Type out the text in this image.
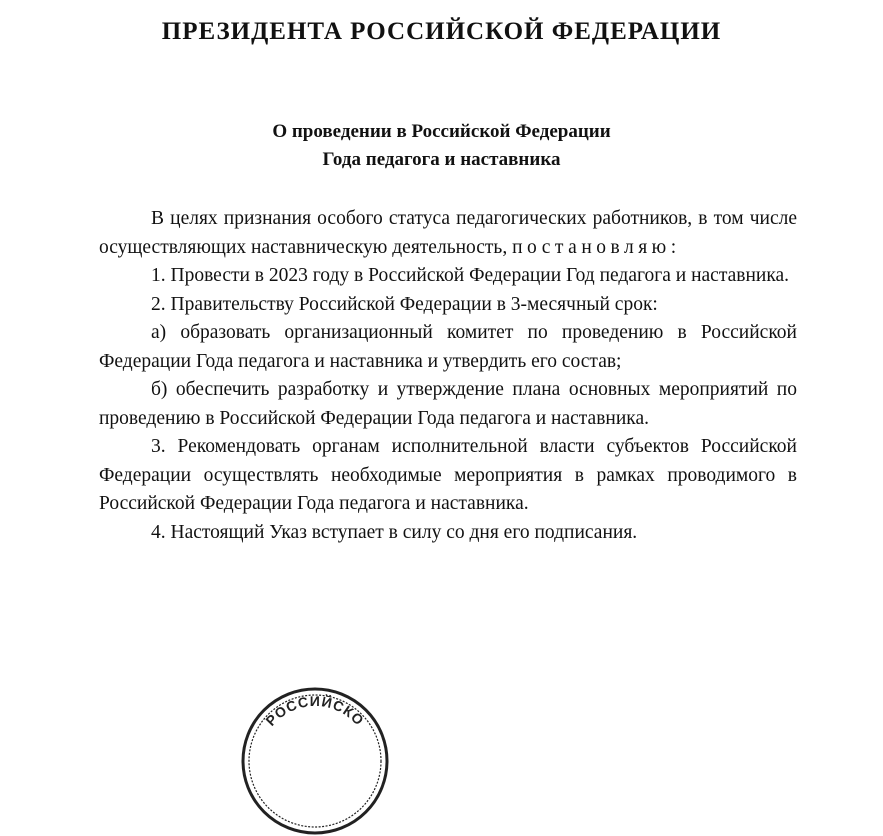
ПРЕЗИДЕНТА РОССИЙСКОЙ ФЕДЕРАЦИИ
О проведении в Российской Федерации
Года педагога и наставника

В целях признания особого статуса педагогических работников, в том числе осуществляющих наставническую деятельность, постановляю:

1. Провести в 2023 году в Российской Федерации Год педагога и наставника.

2. Правительству Российской Федерации в 3-месячный срок:

а) образовать организационный комитет по проведению в Российской Федерации Года педагога и наставника и утвердить его состав;

б) обеспечить разработку и утверждение плана основных мероприятий по проведению в Российской Федерации Года педагога и наставника.

3. Рекомендовать органам исполнительной власти субъектов Российской Федерации осуществлять необходимые мероприятия в рамках проводимого в Российской Федерации Года педагога и наставника.

4. Настоящий Указ вступает в силу со дня его подписания.

РОССИЙСКО
